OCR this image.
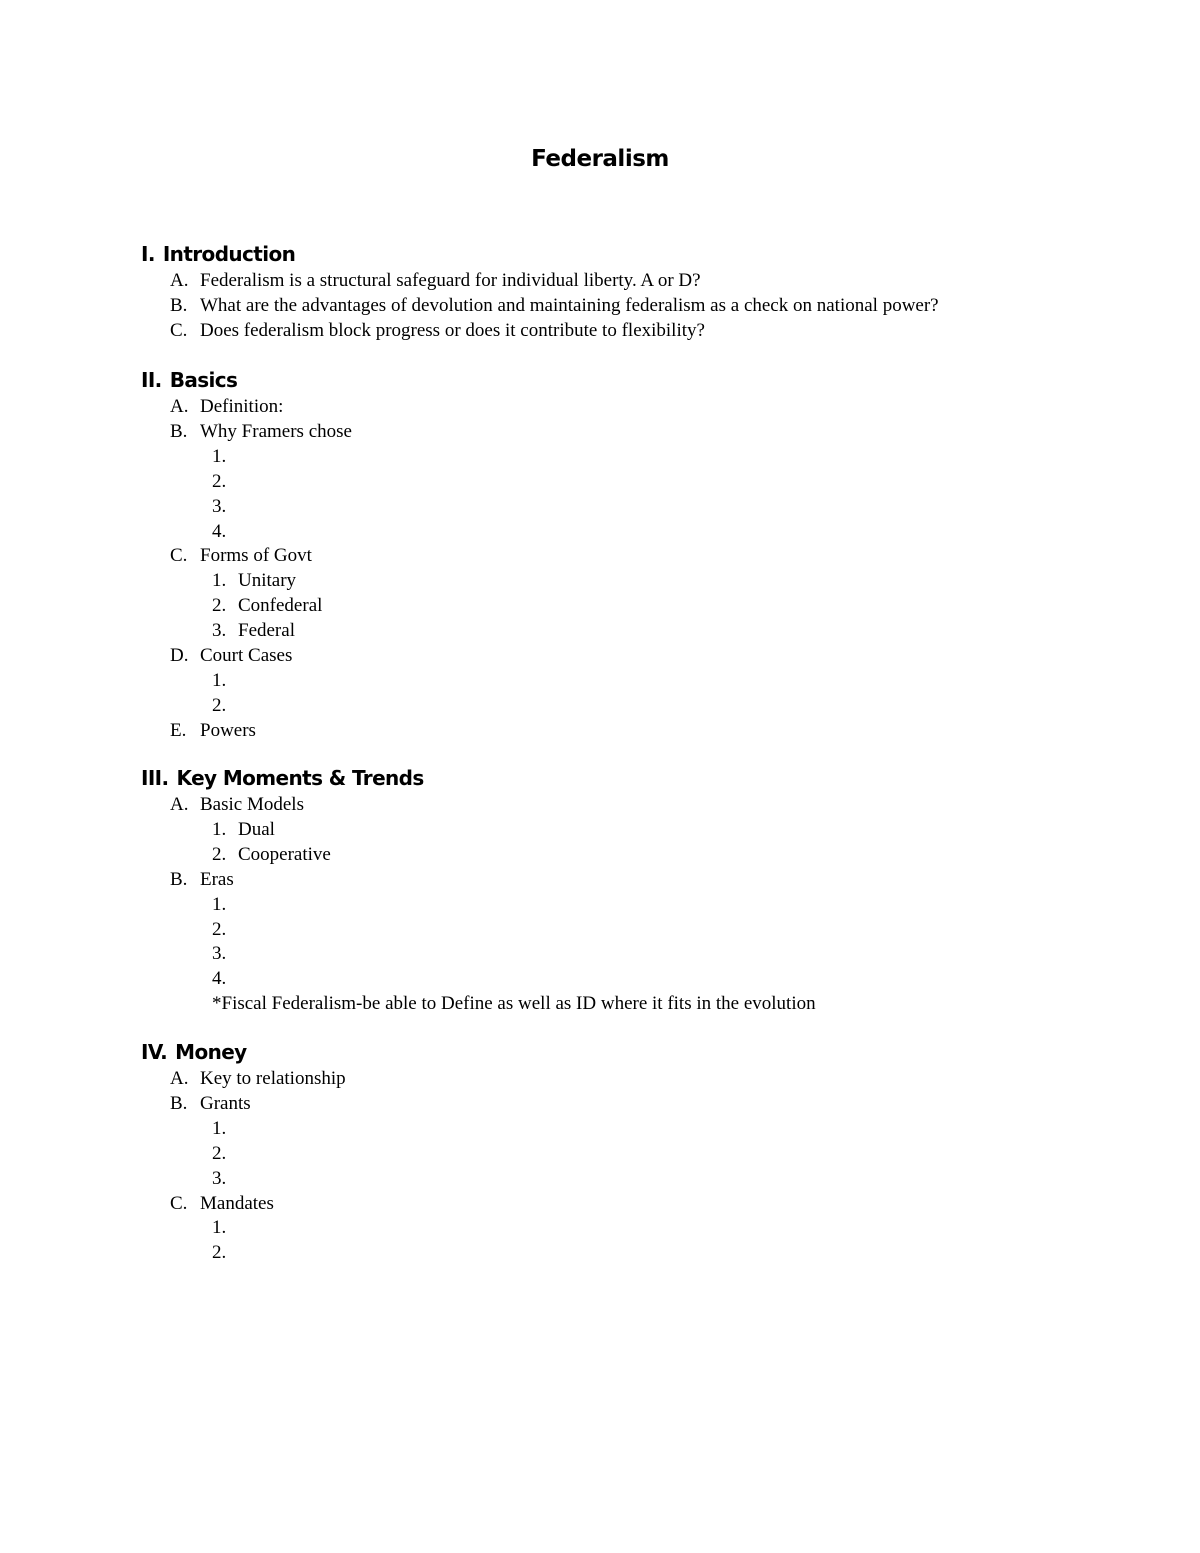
Federalism
I. Introduction
A. Federalism is a structural safeguard for individual liberty. A or D?
B. What are the advantages of devolution and maintaining federalism as a check on national power?
C. Does federalism block progress or does it contribute to flexibility?
II. Basics
A. Definition:
B. Why Framers chose
1.
2.
3.
4.
C. Forms of Govt
1. Unitary
2. Confederal
3. Federal
D. Court Cases
1.
2.
E. Powers
III. Key Moments & Trends
A. Basic Models
1. Dual
2. Cooperative
B. Eras
1.
2.
3.
4.
*Fiscal Federalism-be able to Define as well as ID where it fits in the evolution
IV. Money
A. Key to relationship
B. Grants
1.
2.
3.
C. Mandates
1.
2.
